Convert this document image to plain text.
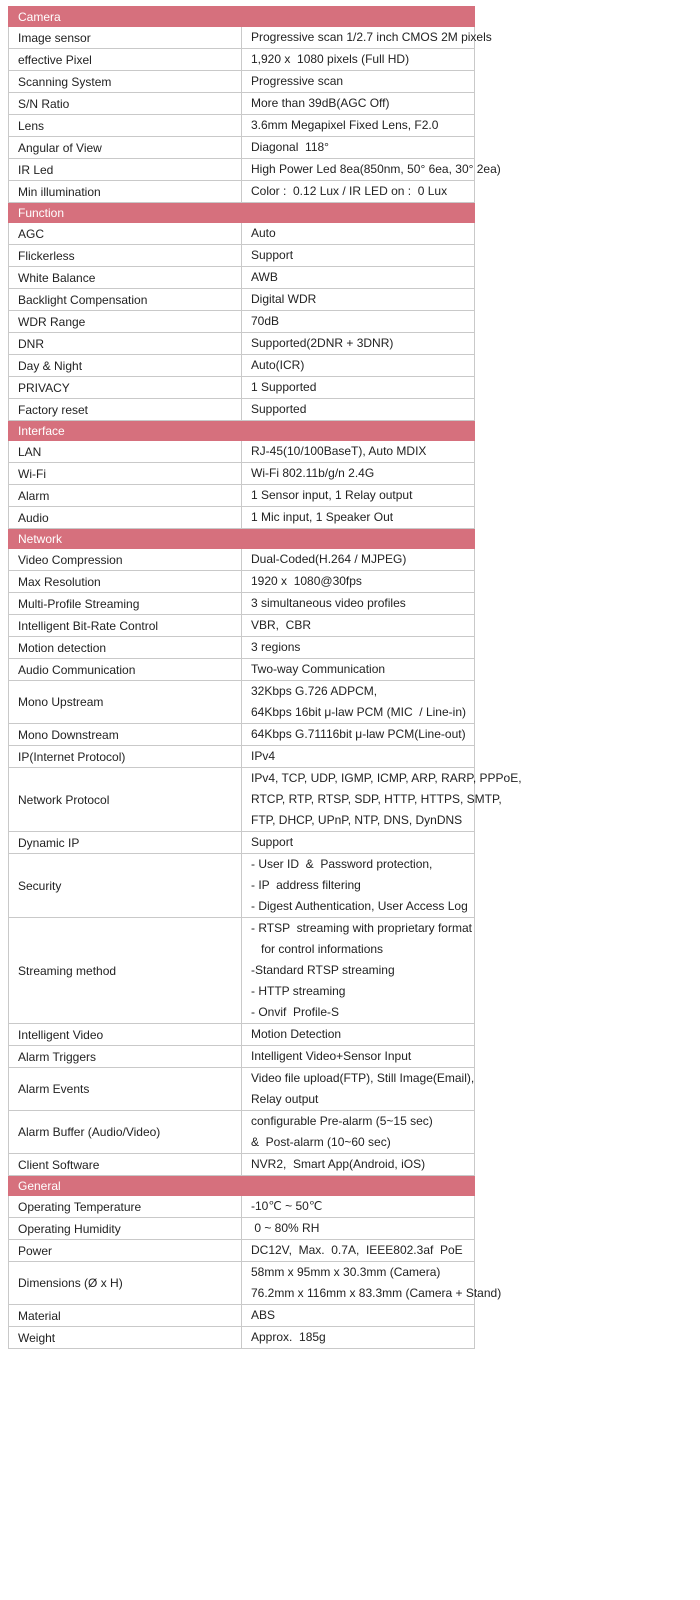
Camera	
Image sensor	Progressive scan 1/2.7 inch CMOS 2M pixels

effective Pixel	1,920 x  1080 pixels (Full HD)

Scanning System	Progressive scan

S/N Ratio	More than 39dB(AGC Off)

Lens	3.6mm Megapixel Fixed Lens, F2.0

Angular of View	Diagonal  118°

IR Led	High Power Led 8ea(850nm, 50° 6ea, 30° 2ea)

Min illumination	Color :  0.12 Lux / IR LED on :  0 Lux

Function	
AGC	Auto

Flickerless	Support

White Balance	AWB

Backlight Compensation	Digital WDR

WDR Range	70dB

DNR	Supported(2DNR + 3DNR)

Day & Night	Auto(ICR)

PRIVACY	1 Supported

Factory reset	Supported

Interface	
LAN	RJ-45(10/100BaseT), Auto MDIX

Wi-Fi	Wi-Fi 802.11b/g/n 2.4G

Alarm	1 Sensor input, 1 Relay output

Audio	1 Mic input, 1 Speaker Out

Network	
Video Compression	Dual-Coded(H.264 / MJPEG)

Max Resolution	1920 x  1080@30fps

Multi-Profile Streaming	3 simultaneous video profiles

Intelligent Bit-Rate Control	VBR,  CBR

Motion detection	3 regions

Audio Communication	Two-way Communication

Mono Upstream	32Kbps G.726 ADPCM,
64Kbps 16bit μ-law PCM (MIC  / Line-in)

Mono Downstream	64Kbps G.71116bit μ-law PCM(Line-out)

IP(Internet Protocol)	IPv4

Network Protocol	IPv4, TCP, UDP, IGMP, ICMP, ARP, RARP, PPPoE,
RTCP, RTP, RTSP, SDP, HTTP, HTTPS, SMTP,
FTP, DHCP, UPnP, NTP, DNS, DynDNS

Dynamic IP	Support

Security	- User ID  &  Password protection,
- IP  address filtering
- Digest Authentication, User Access Log

Streaming method	- RTSP  streaming with proprietary format
for control informations
-Standard RTSP streaming
- HTTP streaming
- Onvif  Profile-S

Intelligent Video	Motion Detection

Alarm Triggers	Intelligent Video+Sensor Input

Alarm Events	Video file upload(FTP), Still Image(Email),
Relay output

Alarm Buffer (Audio/Video)	configurable Pre-alarm (5~15 sec)
&  Post-alarm (10~60 sec)

Client Software	NVR2,  Smart App(Android, iOS)

General	
Operating Temperature	-10℃ ~ 50℃

Operating Humidity	0 ~ 80% RH

Power	DC12V,  Max.  0.7A,  IEEE802.3af  PoE

Dimensions (Ø x H)	58mm x 95mm x 30.3mm (Camera)
76.2mm x 116mm x 83.3mm (Camera + Stand)

Material	ABS

Weight	Approx.  185g
